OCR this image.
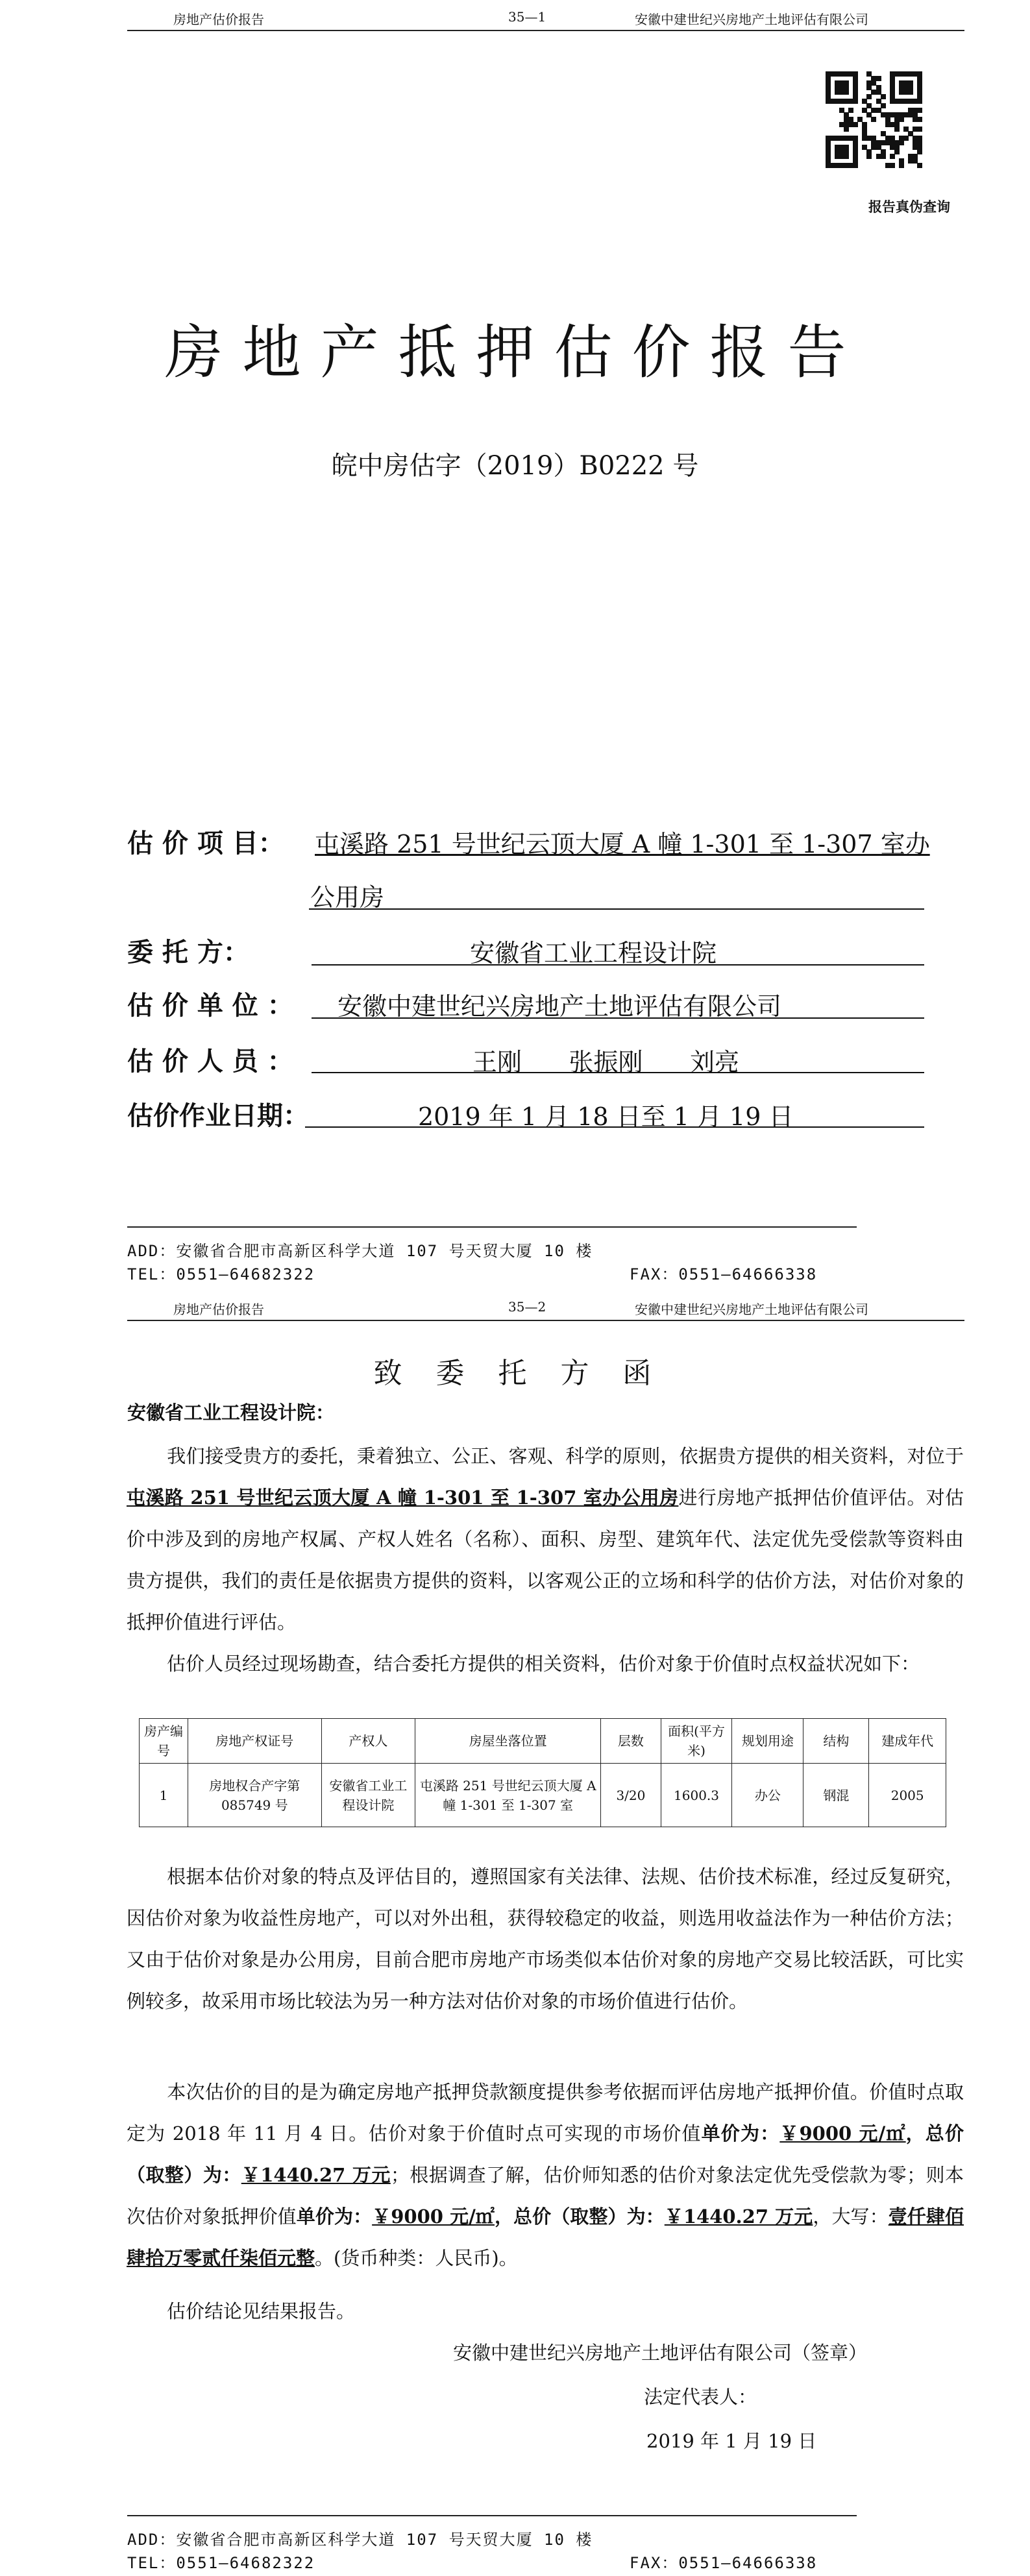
房地产估价报告	35—1	安徽中建世纪兴房地产土地评估有限公司
报告真伪查询
房地产抵押估价报告
皖中房估字（2019）B0222 号
估 价 项 目： 屯溪路 251 号世纪云顶大厦 A 幢 1-301 至 1-307 室办
公用房
委 托 方：	安徽省工业工程设计院
估 价 单 位 ： 安徽中建世纪兴房地产土地评估有限公司
估 价 人 员 ：	王刚      张振刚      刘亮
估价作业日期：	2019 年 1 月 18 日至 1 月 19 日
ADD：安徽省合肥市高新区科学大道 107 号天贸大厦 10 楼
TEL：0551—64682322	FAX：0551—64666338
房地产估价报告	35—2	安徽中建世纪兴房地产土地评估有限公司
致  委  托  方  函
安徽省工业工程设计院：
我们接受贵方的委托，秉着独立、公正、客观、科学的原则，依据贵方提供的相关资料，对位于屯溪路 251 号世纪云顶大厦 A 幢 1-301 至 1-307 室办公用房进行房地产抵押估价值评估。对估价中涉及到的房地产权属、产权人姓名（名称）、面积、房型、建筑年代、法定优先受偿款等资料由贵方提供，我们的责任是依据贵方提供的资料，以客观公正的立场和科学的估价方法，对估价对象的抵押价值进行评估。
估价人员经过现场勘查，结合委托方提供的相关资料，估价对象于价值时点权益状况如下：
房产编号	房地产权证号	产权人	房屋坐落位置	层数	面积(平方米)	规划用途	结构	建成年代
1	房地权合产字第 085749 号	安徽省工业工程设计院	屯溪路 251 号世纪云顶大厦 A 幢 1-301 至 1-307 室	3/20	1600.3	办公	钢混	2005
根据本估价对象的特点及评估目的，遵照国家有关法律、法规、估价技术标准，经过反复研究，因估价对象为收益性房地产，可以对外出租，获得较稳定的收益，则选用收益法作为一种估价方法；又由于估价对象是办公用房，目前合肥市房地产市场类似本估价对象的房地产交易比较活跃，可比实例较多，故采用市场比较法为另一种方法对估价对象的市场价值进行估价。
本次估价的目的是为确定房地产抵押贷款额度提供参考依据而评估房地产抵押价值。价值时点取定为 2018 年 11 月 4 日。估价对象于价值时点可实现的市场价值单价为：￥9000 元/㎡，总价（取整）为：￥1440.27 万元；根据调查了解，估价师知悉的估价对象法定优先受偿款为零；则本次估价对象抵押价值单价为：￥9000 元/㎡，总价（取整）为：￥1440.27 万元，大写：壹仟肆佰肆拾万零贰仟柒佰元整。(货币种类：人民币)。
估价结论见结果报告。
安徽中建世纪兴房地产土地评估有限公司（签章）
法定代表人：
2019 年 1 月 19 日
ADD：安徽省合肥市高新区科学大道 107 号天贸大厦 10 楼
TEL：0551—64682322	FAX：0551—64666338
